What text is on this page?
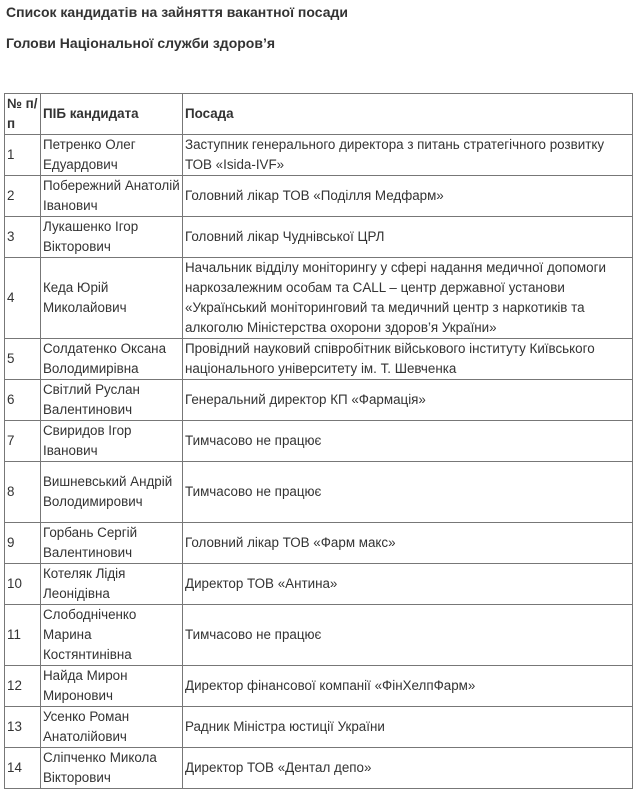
Список кандидатів на зайняття вакантної посади
Голови Національної служби здоров’я
№ п/п	ПІБ кандидата	Посада
1	Петренко Олег Едуардович	Заступник генерального директора з питань стратегічного розвитку ТОВ «Isida-IVF»
2	Побережний Анатолій Іванович	Головний лікар ТОВ «Поділля Медфарм»
3	Лукашенко Ігор Вікторович	Головний лікар Чуднівської ЦРЛ
4	Кеда Юрій Миколайович	Начальник відділу моніторингу у сфері надання медичної допомоги наркозалежним особам та CALL – центр державної установи «Український моніторинговий та медичний центр з наркотиків та алкоголю Міністерства охорони здоров’я України»
5	Солдатенко Оксана Володимирівна	Провідний науковий співробітник військового інституту Київського національного університету ім. Т. Шевченка
6	Світлий Руслан Валентинович	Генеральний директор КП «Фармація»
7	Свиридов Ігор Іванович	Тимчасово не працює
8	Вишневський Андрій Володимирович	Тимчасово не працює
9	Горбань Сергій Валентинович	Головний лікар ТОВ «Фарм макс»
10	Котеляк Лідія Леонідівна	Директор ТОВ «Антина»
11	Слободніченко Марина Костянтинівна	Тимчасово не працює
12	Найда Мирон Миронович	Директор фінансової компанії «ФінХелпФарм»
13	Усенко Роман Анатолійович	Радник Міністра юстиції України
14	Сліпченко Микола Вікторович	Директор ТОВ «Дентал депо»
